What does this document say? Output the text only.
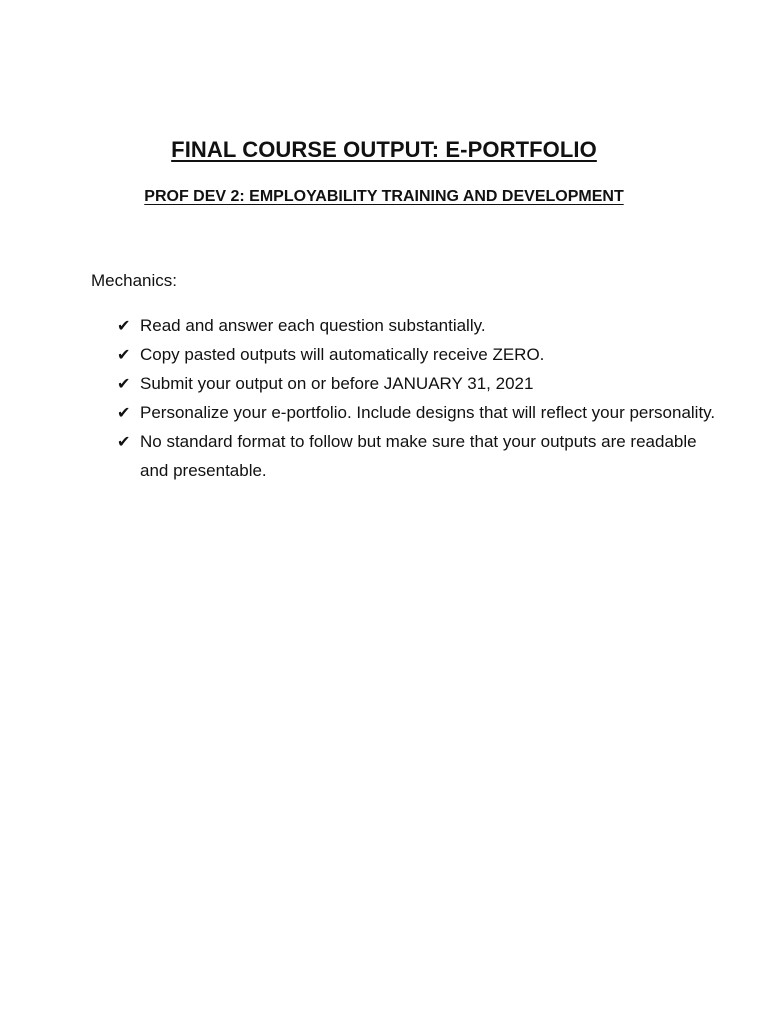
FINAL COURSE OUTPUT: E-PORTFOLIO
PROF DEV 2: EMPLOYABILITY TRAINING AND DEVELOPMENT
Mechanics:
✔ Read and answer each question substantially.
✔ Copy pasted outputs will automatically receive ZERO.
✔ Submit your output on or before JANUARY 31, 2021
✔ Personalize your e-portfolio. Include designs that will reflect your personality.
✔ No standard format to follow but make sure that your outputs are readable and presentable.
